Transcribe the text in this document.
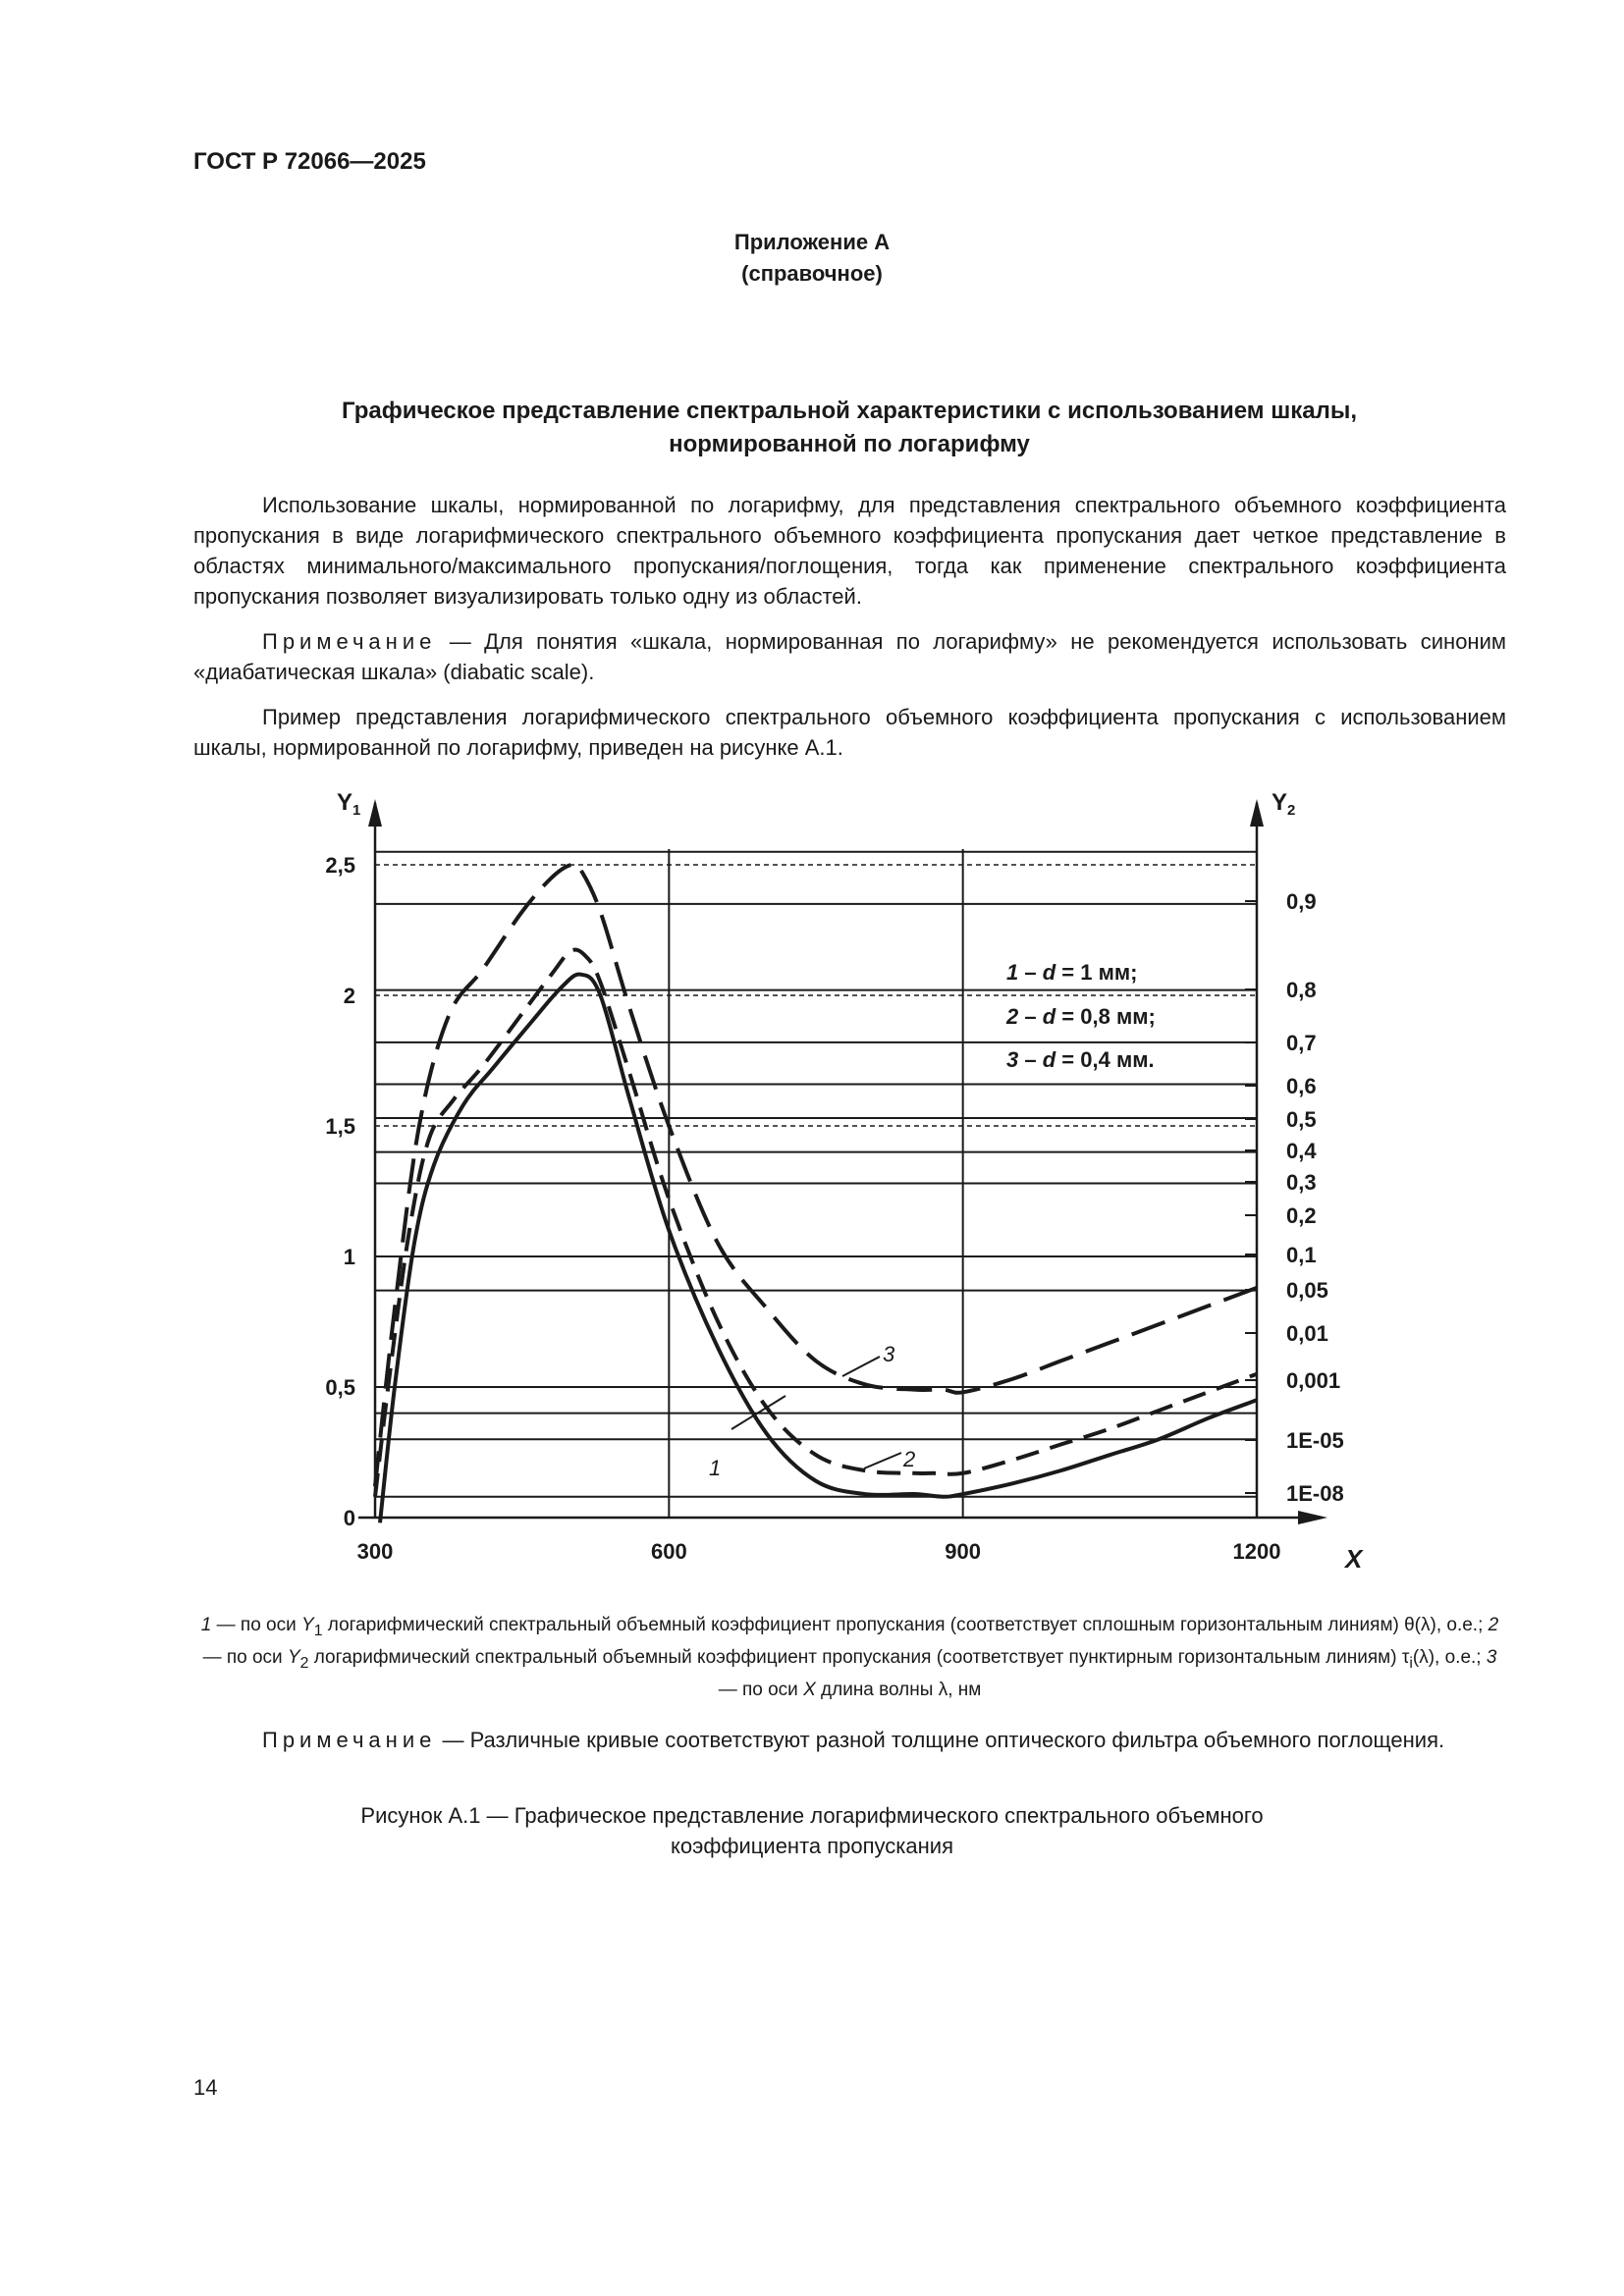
ГОСТ Р 72066—2025
Приложение А
(справочное)
Графическое представление спектральной характеристики с использованием шкалы,
нормированной по логарифму
Использование шкалы, нормированной по логарифму, для представления спектрального объемного коэффициента пропускания в виде логарифмического спектрального объемного коэффициента пропускания дает четкое представление в областях минимального/максимального пропускания/поглощения, тогда как применение спектрального коэффициента пропускания позволяет визуализировать только одну из областей.
Примечание — Для понятия «шкала, нормированная по логарифму» не рекомендуется использовать синоним «диабатическая шкала» (diabatic scale).
Пример представления логарифмического спектрального объемного коэффициента пропускания с использованием шкалы, нормированной по логарифму, приведен на рисунке А.1.
Y 1	Y 2
X
0
0,5
1
1,5
2
2,5
300	600	900	1200
0,9
0,8
0,7
0,6
0,5
0,4
0,3
0,2
0,1
0,05
0,01
0,001
1E-05
1E-08
1 – d = 1 мм;
2 – d = 0,8 мм;
3 – d = 0,4 мм.
1	2
3
1 — по оси $Y_1$ логарифмический спектральный объемный коэффициент пропускания (соответствует сплошным горизонтальным линиям) θ(λ), о.е.; 2 — по оси $Y_2$ логарифмический спектральный объемный коэффициент пропускания (соответствует пунктирным горизонтальным линиям) $\tau_i(\lambda)$, о.е.; 3 — по оси X длина волны λ, нм
Примечание — Различные кривые соответствуют разной толщине оптического фильтра объемного поглощения.
Рисунок А.1 — Графическое представление логарифмического спектрального объемного
коэффициента пропускания
14
